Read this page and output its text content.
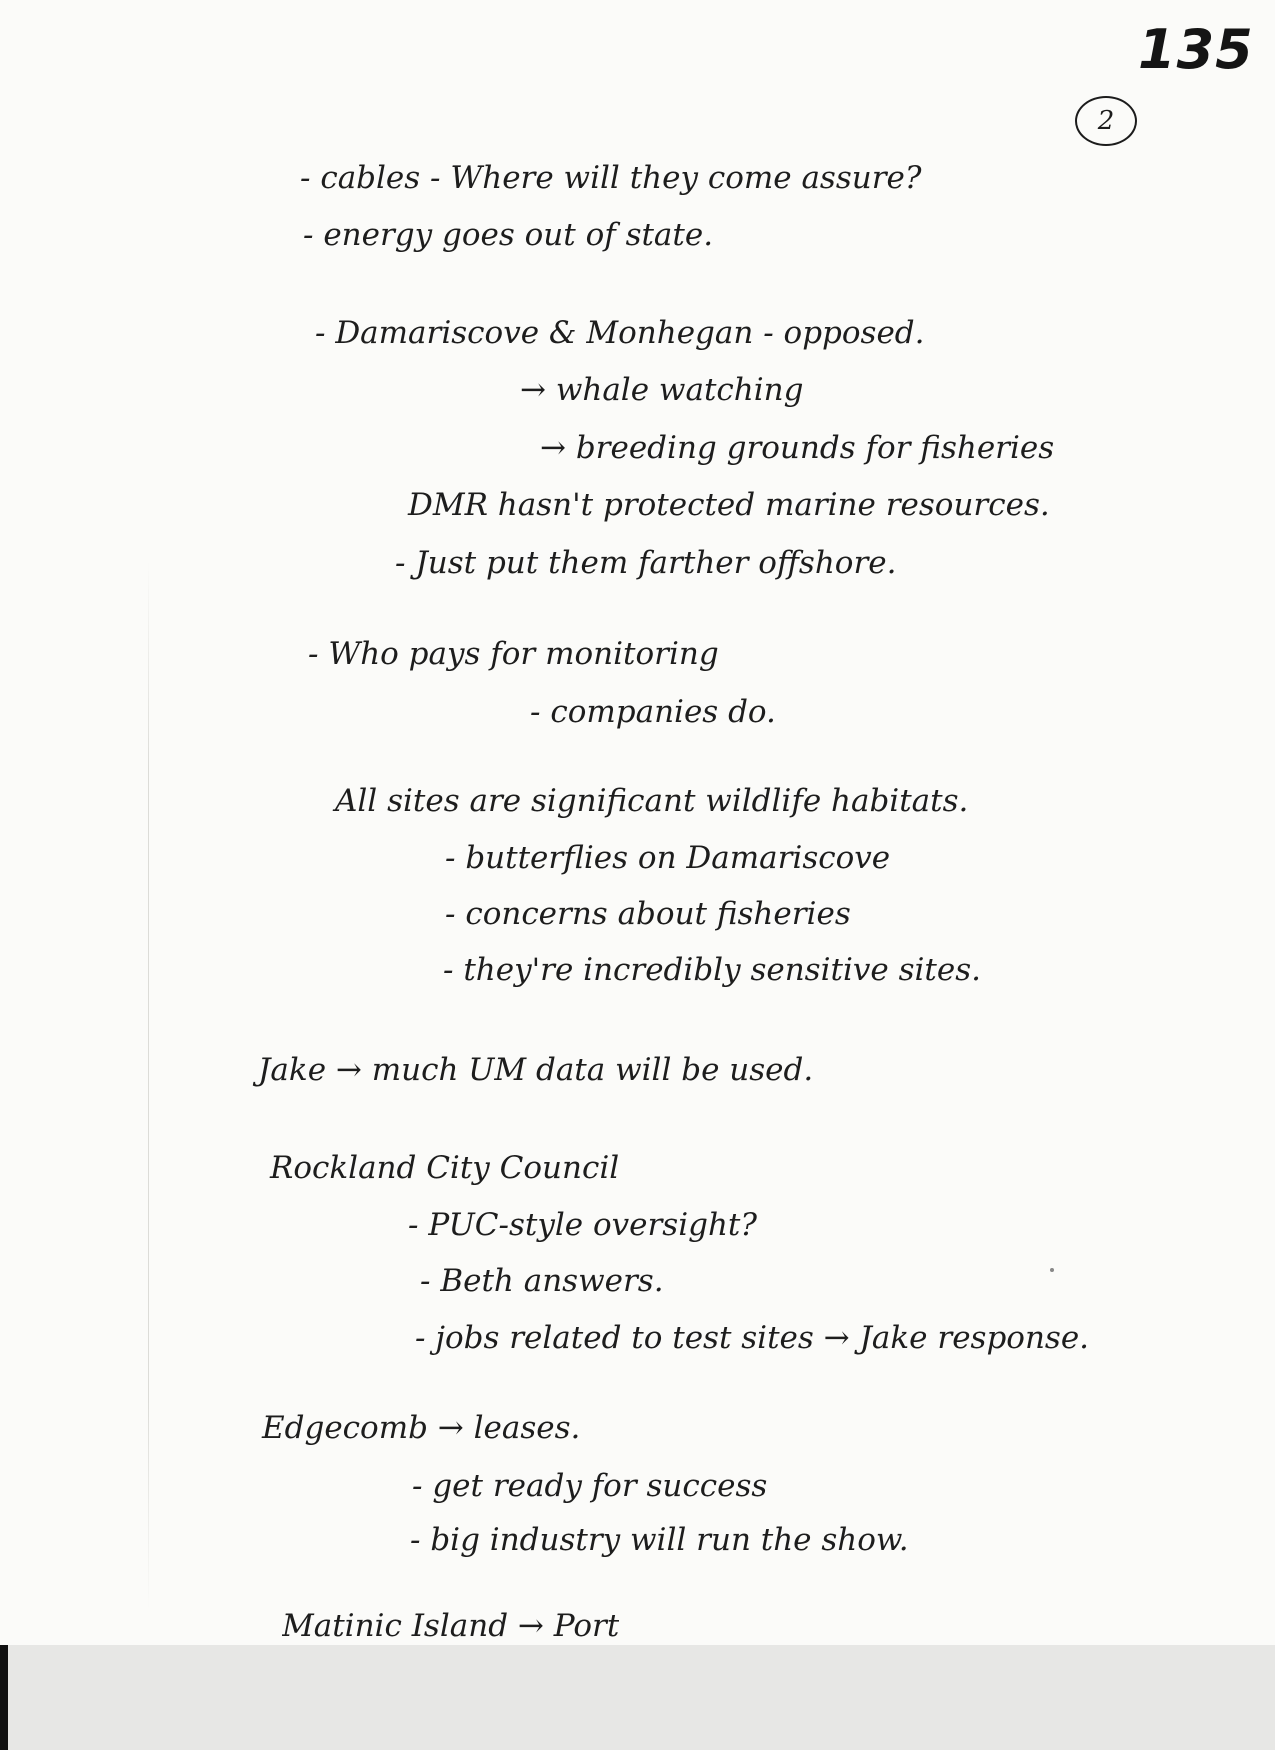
135
2
- cables - Where will they come assure?
- energy goes out of state.
- Damariscove & Monhegan - opposed.
→ whale watching
→ breeding grounds for fisheries
DMR hasn't protected marine resources.
- Just put them farther offshore.
- Who pays for monitoring
- companies do.
All sites are significant wildlife habitats.
- butterflies on Damariscove
- concerns about fisheries
- they're incredibly sensitive sites.
Jake → much UM data will be used.
Rockland City Council
- PUC-style oversight?
- Beth answers.
- jobs related to test sites → Jake response.
Edgecomb → leases.
- get ready for success
- big industry will run the show.
Matinic Island → Port
